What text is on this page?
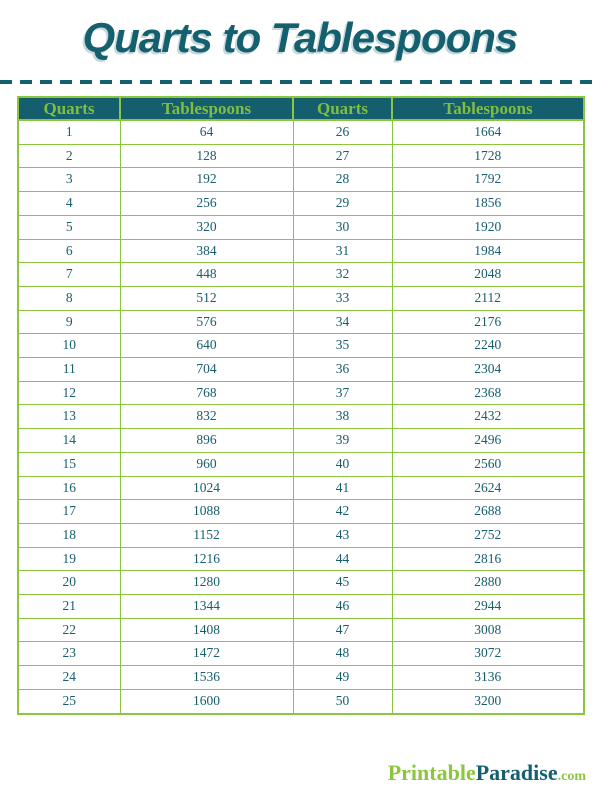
Quarts to Tablespoons
Quarts	Tablespoons	Quarts	Tablespoons
1	64	26	1664
2	128	27	1728
3	192	28	1792
4	256	29	1856
5	320	30	1920
6	384	31	1984
7	448	32	2048
8	512	33	2112
9	576	34	2176
10	640	35	2240
11	704	36	2304
12	768	37	2368
13	832	38	2432
14	896	39	2496
15	960	40	2560
16	1024	41	2624
17	1088	42	2688
18	1152	43	2752
19	1216	44	2816
20	1280	45	2880
21	1344	46	2944
22	1408	47	3008
23	1472	48	3072
24	1536	49	3136
25	1600	50	3200
PrintableParadise.com
